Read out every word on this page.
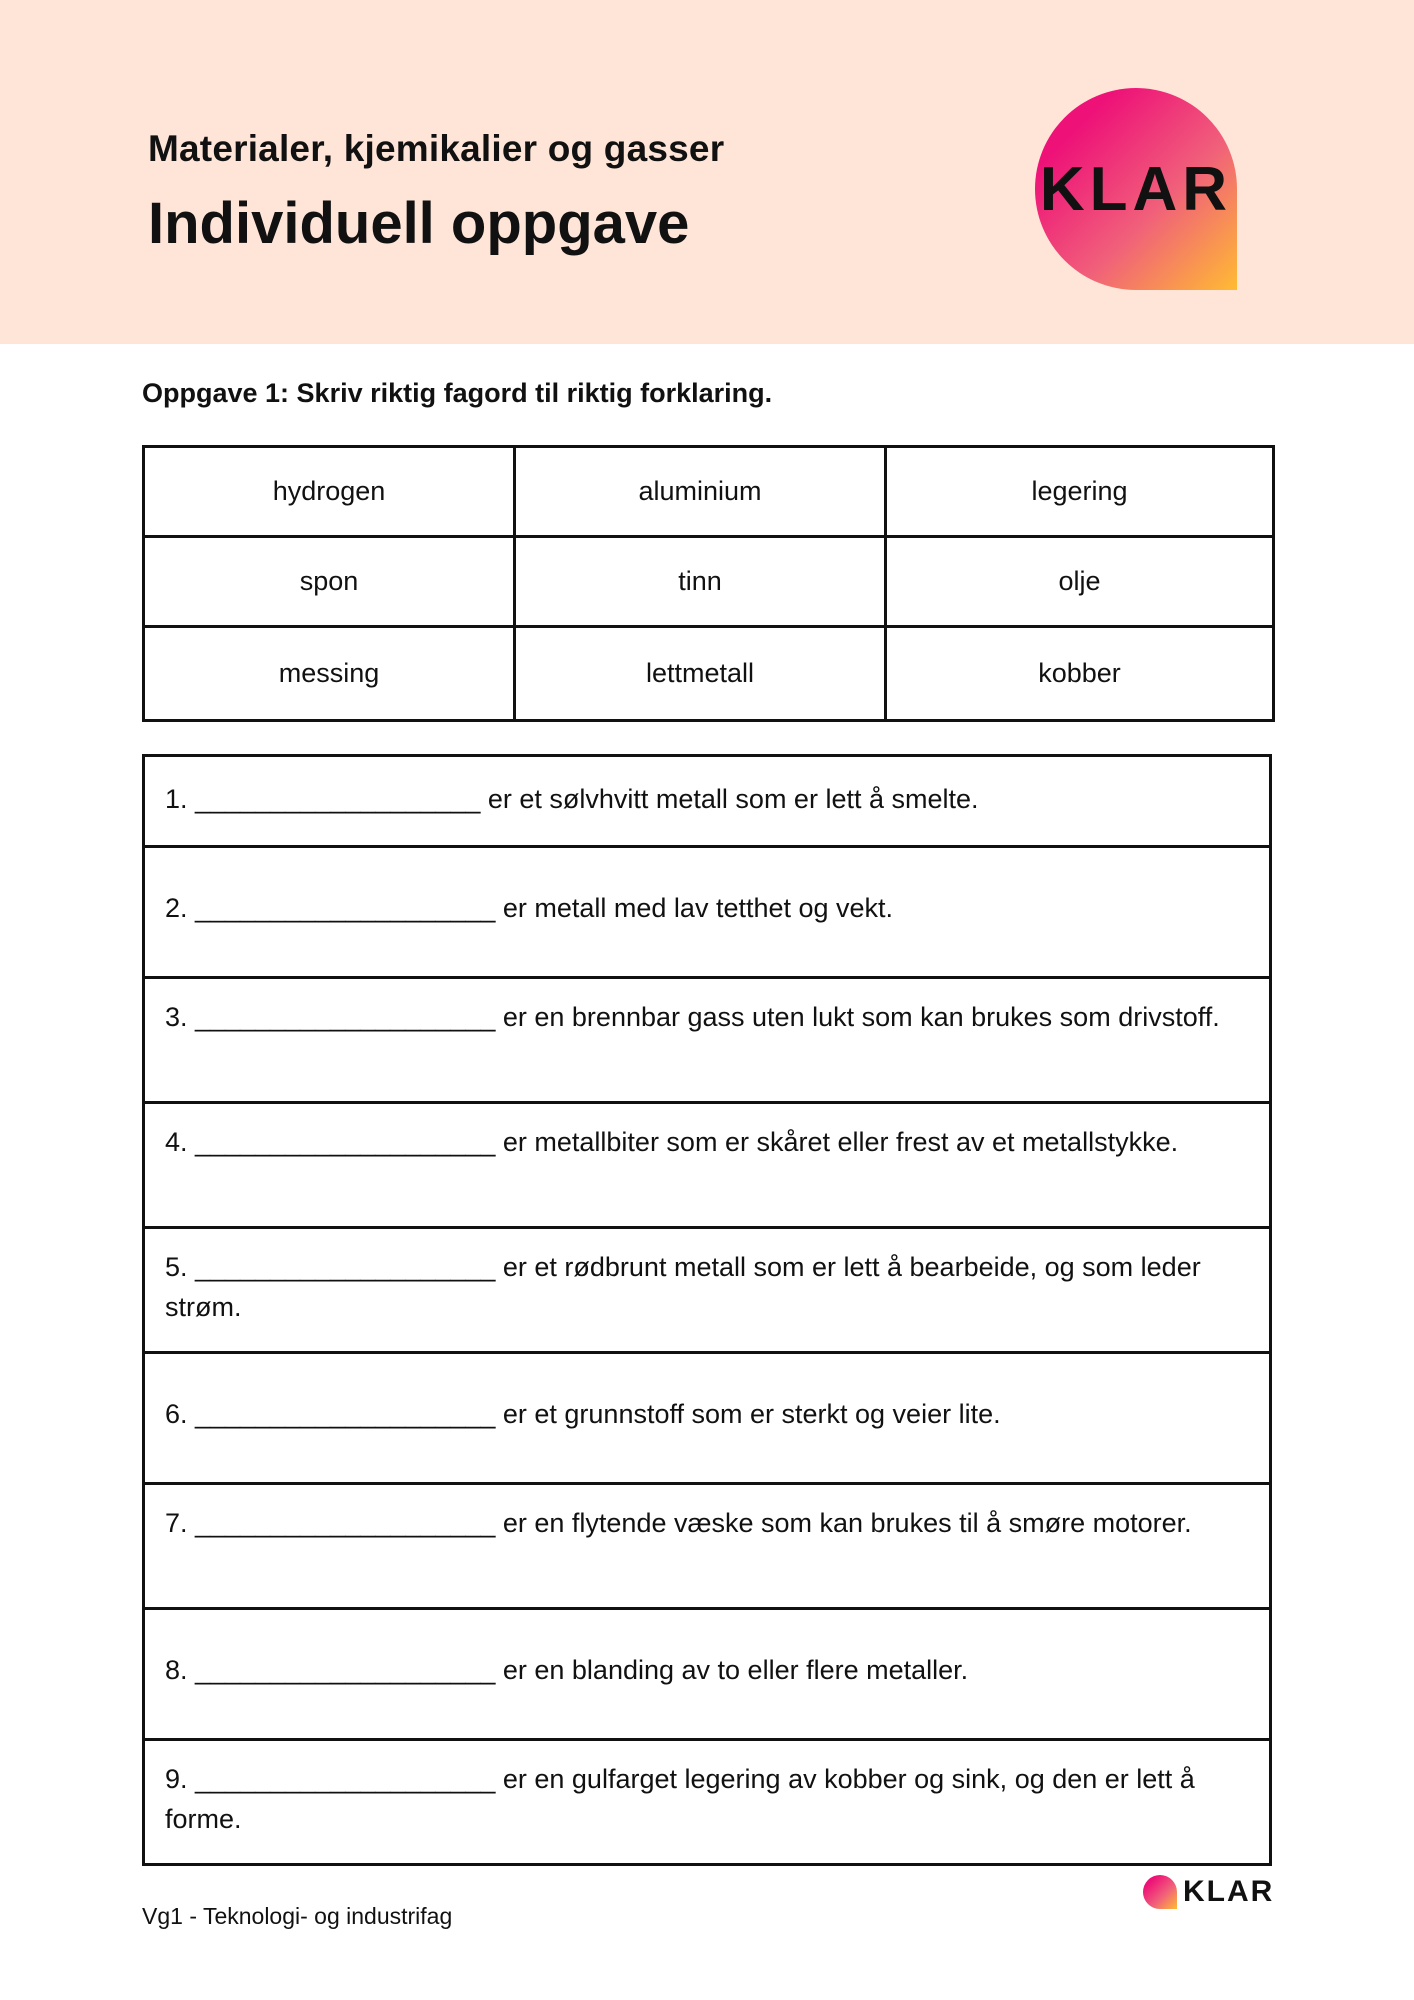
Materialer, kjemikalier og gasser
Individuell oppgave	KLAR

Oppgave 1: Skriv riktig fagord til riktig forklaring.

hydrogen	aluminium	legering
spon	tinn	olje
messing	lettmetall	kobber
1. ___________________ er et sølvhvitt metall som er lett å smelte.
2. ____________________ er metall med lav tetthet og vekt.
3. ____________________ er en brennbar gass uten lukt som kan brukes som drivstoff.
4. ____________________ er metallbiter som er skåret eller frest av et metallstykke.
5. ____________________ er et rødbrunt metall som er lett å bearbeide, og som leder strøm.
6. ____________________ er et grunnstoff som er sterkt og veier lite.
7. ____________________ er en flytende væske som kan brukes til å smøre motorer.
8. ____________________ er en blanding av to eller flere metaller.
9. ____________________ er en gulfarget legering av kobber og sink, og den er lett å forme.
Vg1 - Teknologi- og industrifag
KLAR
